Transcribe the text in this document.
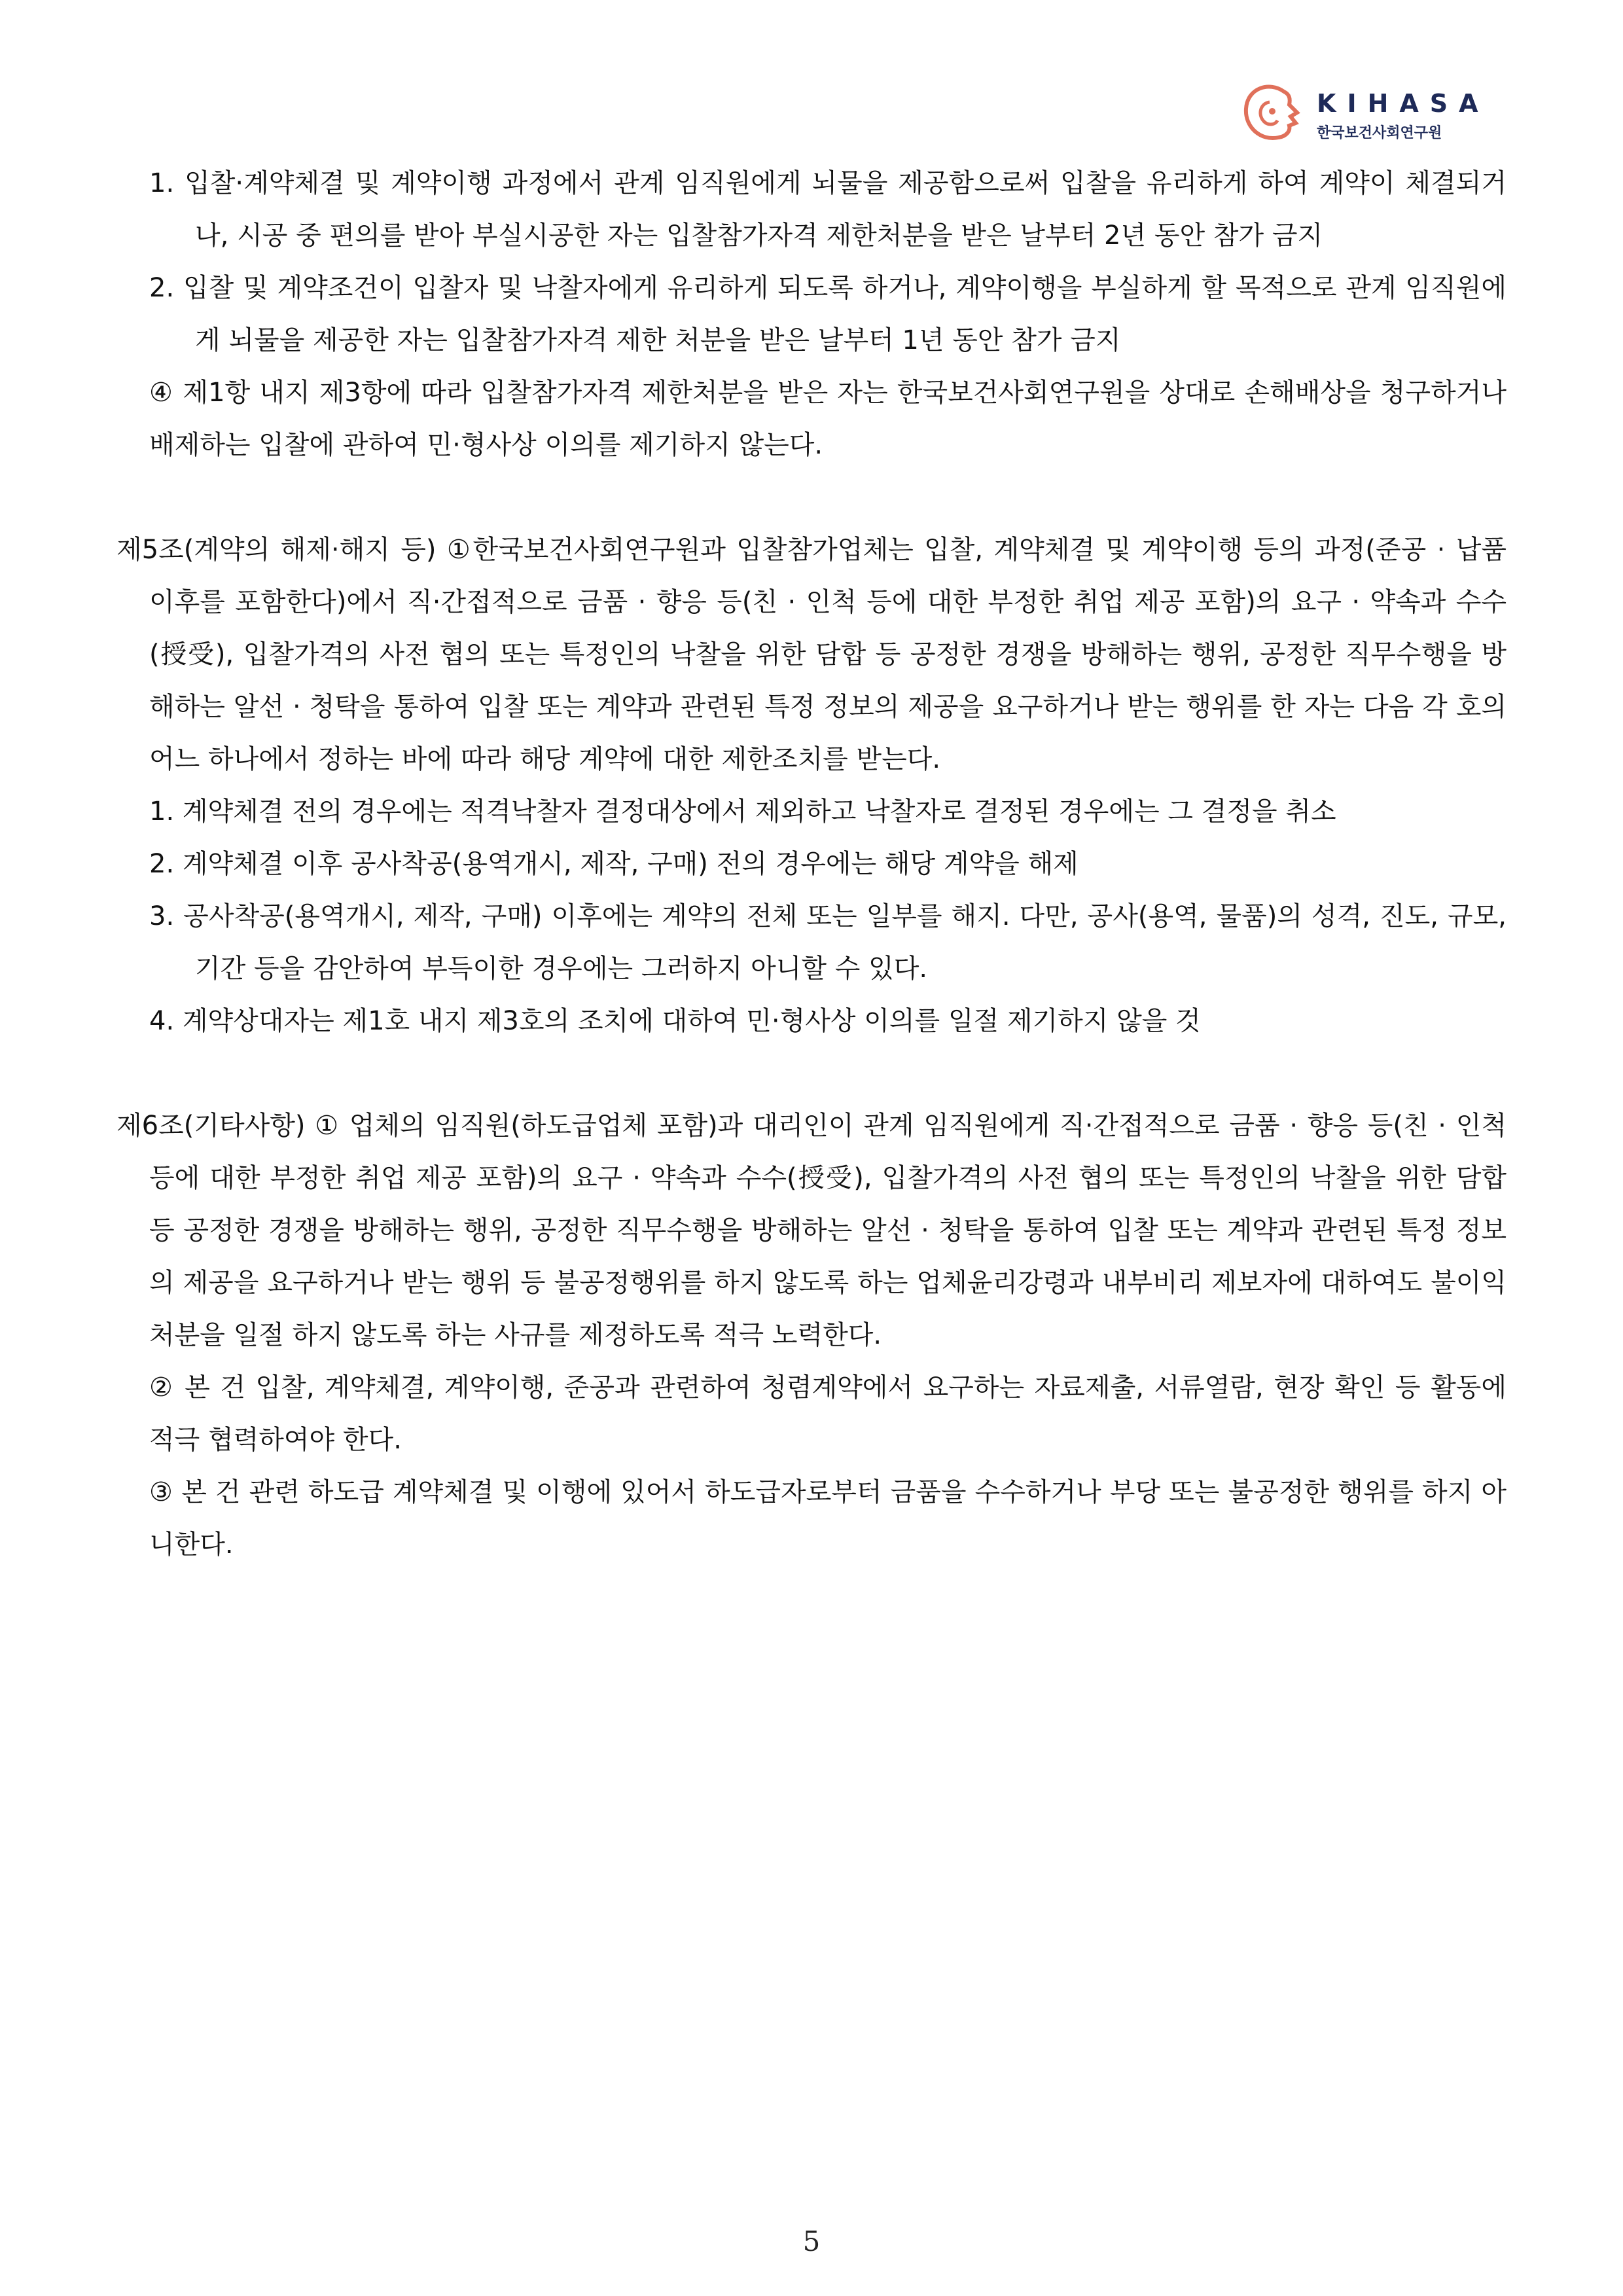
KIHASA
한국보건사회연구원
1. 입찰·계약체결 및 계약이행 과정에서 관계 임직원에게 뇌물을 제공함으로써 입찰을 유리하게 하여 계약이 체결되거나, 시공 중 편의를 받아 부실시공한 자는 입찰참가자격 제한처분을 받은 날부터 2년 동안 참가 금지
2. 입찰 및 계약조건이 입찰자 및 낙찰자에게 유리하게 되도록 하거나, 계약이행을 부실하게 할 목적으로 관계 임직원에게 뇌물을 제공한 자는 입찰참가자격 제한 처분을 받은 날부터 1년 동안 참가 금지
④ 제1항 내지 제3항에 따라 입찰참가자격 제한처분을 받은 자는 한국보건사회연구원을 상대로 손해배상을 청구하거나 배제하는 입찰에 관하여 민·형사상 이의를 제기하지 않는다.
제5조(계약의 해제·해지 등) ①한국보건사회연구원과 입찰참가업체는 입찰, 계약체결 및 계약이행 등의 과정(준공 · 납품 이후를 포함한다)에서 직·간접적으로 금품 · 향응 등(친 · 인척 등에 대한 부정한 취업 제공 포함)의 요구 · 약속과 수수(授受), 입찰가격의 사전 협의 또는 특정인의 낙찰을 위한 담합 등 공정한 경쟁을 방해하는 행위, 공정한 직무수행을 방해하는 알선 · 청탁을 통하여 입찰 또는 계약과 관련된 특정 정보의 제공을 요구하거나 받는 행위를 한 자는 다음 각 호의 어느 하나에서 정하는 바에 따라 해당 계약에 대한 제한조치를 받는다.
1. 계약체결 전의 경우에는 적격낙찰자 결정대상에서 제외하고 낙찰자로 결정된 경우에는 그 결정을 취소
2. 계약체결 이후 공사착공(용역개시, 제작, 구매) 전의 경우에는 해당 계약을 해제
3. 공사착공(용역개시, 제작, 구매) 이후에는 계약의 전체 또는 일부를 해지. 다만, 공사(용역, 물품)의 성격, 진도, 규모, 기간 등을 감안하여 부득이한 경우에는 그러하지 아니할 수 있다.
4. 계약상대자는 제1호 내지 제3호의 조치에 대하여 민·형사상 이의를 일절 제기하지 않을 것
제6조(기타사항) ① 업체의 임직원(하도급업체 포함)과 대리인이 관계 임직원에게 직·간접적으로 금품 · 향응 등(친 · 인척 등에 대한 부정한 취업 제공 포함)의 요구 · 약속과 수수(授受), 입찰가격의 사전 협의 또는 특정인의 낙찰을 위한 담합 등 공정한 경쟁을 방해하는 행위, 공정한 직무수행을 방해하는 알선 · 청탁을 통하여 입찰 또는 계약과 관련된 특정 정보의 제공을 요구하거나 받는 행위 등 불공정행위를 하지 않도록 하는 업체윤리강령과 내부비리 제보자에 대하여도 불이익 처분을 일절 하지 않도록 하는 사규를 제정하도록 적극 노력한다.
② 본 건 입찰, 계약체결, 계약이행, 준공과 관련하여 청렴계약에서 요구하는 자료제출, 서류열람, 현장 확인 등 활동에 적극 협력하여야 한다.
③ 본 건 관련 하도급 계약체결 및 이행에 있어서 하도급자로부터 금품을 수수하거나 부당 또는 불공정한 행위를 하지 아니한다.
5
